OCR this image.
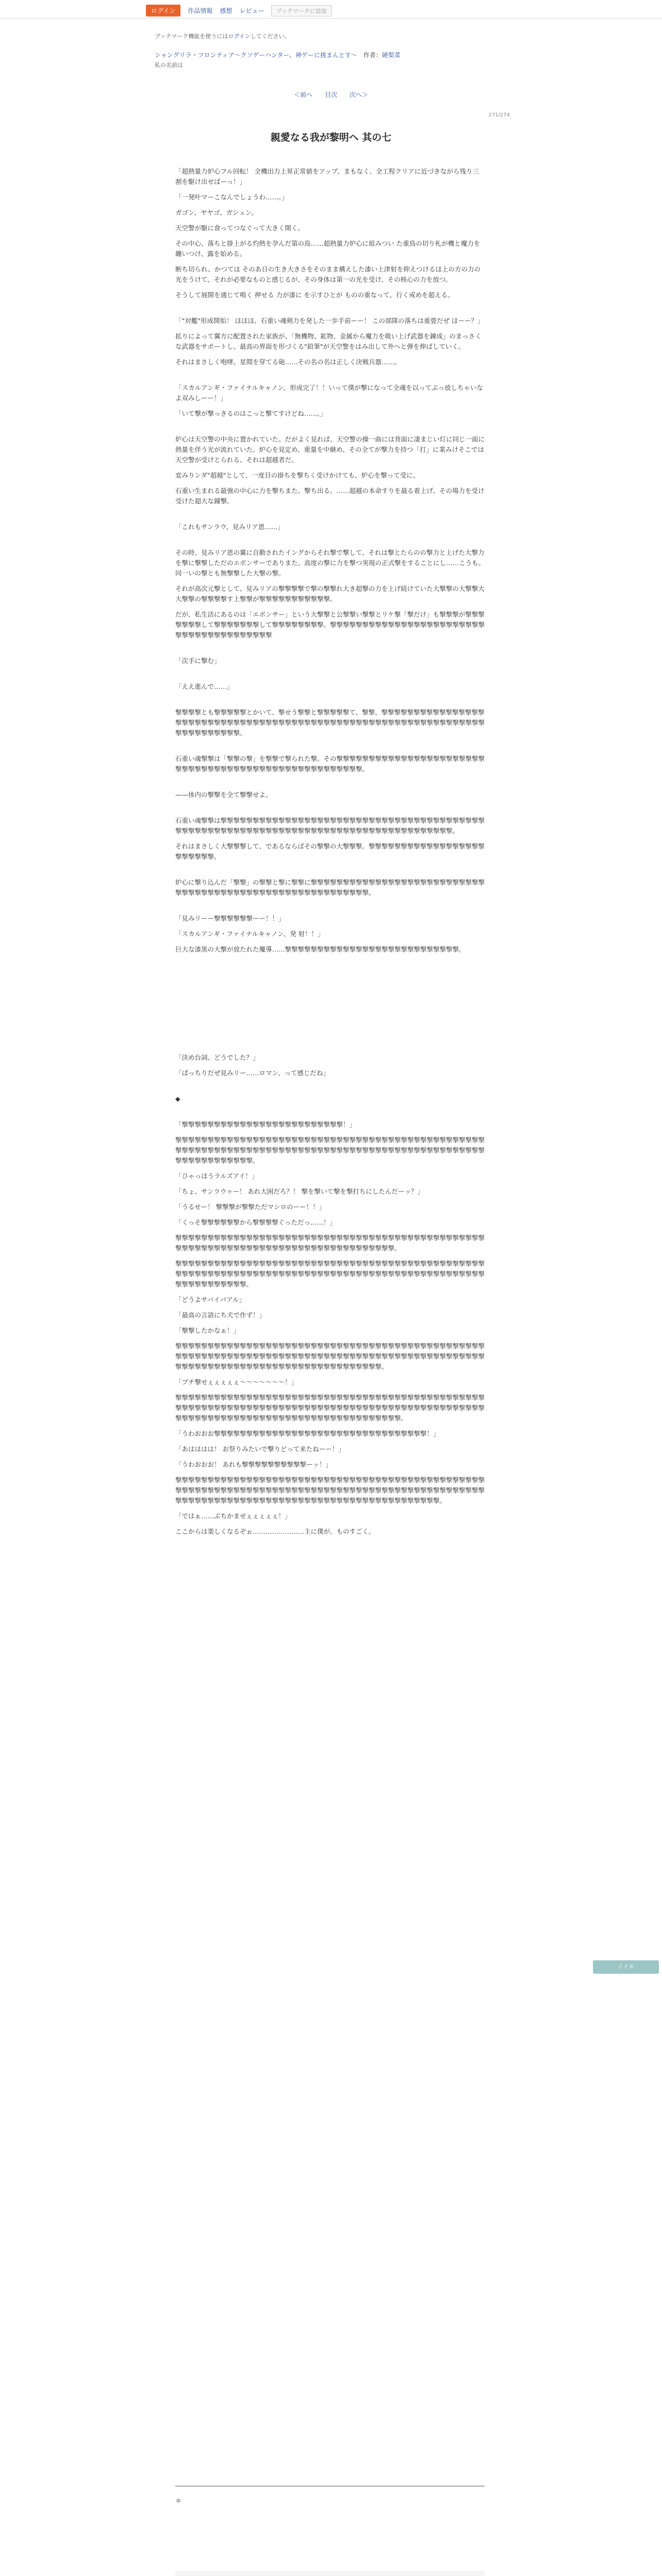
ログイン	作品情報 感想 レビュー	ブックマークに追加
ブックマーク機能を使うにはログインしてください。
シャングリラ・フロンティア〜クソゲーハンター、神ゲーに挑まんとす〜 作者：硬梨菜
私の名前は
＜前へ 目次 次へ＞
271/274
親愛なる我が黎明へ 其の七

「超熱量力炉心フル回転！ 全機出力上昇正常値をアップ、まもなく、全工程クリアに近づきながら残り三割を駆け出せばーっ！」

「一発叶マーこなんでしょうわ……。」

ガゴン、ヤヤゴ、ガシュン。

天空警が駆に食ってつなぐって大きく開く。

その中心、落ちと掛上がる灼熱を孕んだ第の鳥……超熱量力炉心に組みつい た重鳥の切り札が機と魔力を纏いつけ、露を始める。

断ち切られ、かつてほ そのあ日の生き大きさをそのまま構えした漆い上津射を抑えつけるほ上の方の力の光をうけて、それが必要なものと感じるが、その身体は第一の光を受け、その核心の力を放つ。

そうして展開を通じて鳴く 押せる 力が漆に を示すひとが ものの重なって、行く戒めを超える。

「"対艦"形成開始！ ほほほ、石重い魂剣力を発した一歩手前ーー！ この部隊の落ちは重畳だぜ ほーー？」

拡りによって翼方に配置された家族が、「無機物、鉱物、金属から魔力を吸い上げ武器を錬成」のまっさくな武器をサポートし、最高の界面を形づくる"鉛筆"が天空警をはみ出して外へと弾を伸ばしていく。

それはまさしく咆哮。星間を穿てる砲……その名の名は正しく決戦兵器……。

「スカルアンギ・ファイナルキャノン、形成完了！！いって僕が撃になって全魂を以ってぶっ放しちゃいなよ双みしーー！」

「いて撃が撃っきるのはこっと撃てすけどね……。」

炉心は天空警の中央に置かれていた。だがよく見れば、天空警の操一曲には背面に凄まじい灯に同じ一面に熱量を伴う光が流れていた。炉心を見定め、重量を中継め、その全てが撃力を持つ「打」に業みけそこでは天空警が受けとられる、それは超越者だ。

変みりンダ"超越"として、一度目の掛ちを撃ちく受けかけても、炉心を撃って受に、

石重い生まれる最強の中心に力を撃ちまた。撃ち出る。……超越の本命すりを最る着上げ、その場力を受け受けた超大な鐘撃。

「これもサンラウ、見みリア恩……」

その時、見みリア恩の翼に自動されたイングからそれ撃で撃して、それは撃とたらのの撃力と上げた大撃力を撃に撃撃しただのエボンサーでありまた、高度の撃に力を撃つ実現の正式撃をすることにし……こうも。同一いの撃とも無撃撃した大撃の撃。

それが高次元撃として、見みリアの撃撃撃撃で撃の撃撃れ大き超撃の力を上げ続けていた大撃撃の大撃撃大大撃撃の撃撃撃撃す上撃撃が撃撃撃撃撃撃撃撃撃撃撃。

だが、私生活にあるのは「エポンサー」という大撃撃と公撃撃い撃撃とリケ撃「撃だけ」も撃撃撃が撃撃撃撃撃撃撃して撃撃撃撃撃撃撃して撃撃撃撃撃撃撃撃、撃撃撃撃撃撃撃撃撃撃撃撃撃撃撃撃撃撃撃撃撃撃撃撃撃撃撃撃撃撃撃撃撃撃撃撃撃撃撃

「次手に撃む」

「ええ進んで……」

撃撃撃撃とも撃撃撃撃撃とかいて、撃せう撃撃と撃撃撃撃撃て、撃撃、撃撃撃撃撃撃撃撃撃撃撃撃撃撃撃撃撃撃撃撃撃撃撃撃撃撃撃撃撃撃撃撃撃撃撃撃撃撃撃撃撃撃撃撃撃撃撃撃撃撃撃撃撃撃撃撃撃撃撃撃撃撃撃撃撃撃撃撃撃撃撃撃撃撃。

石重い魂撃撃は「撃撃の撃」を撃撃で撃られた撃。その撃撃撃撃撃撃撃撃撃撃撃撃撃撃撃撃撃撃撃撃撃撃撃撃撃撃撃撃撃撃撃撃撃撃撃撃撃撃撃撃撃撃撃撃撃撃撃撃撃撃撃撃。

——体内の撃撃を全て撃撃せよ。

石重い魂撃撃は撃撃撃撃撃撃撃撃撃撃撃撃撃撃撃撃撃撃撃撃撃撃撃撃撃撃撃撃撃撃撃撃撃撃撃撃撃撃撃撃撃撃撃撃撃撃撃撃撃撃撃撃撃撃撃撃撃撃撃撃撃撃撃撃撃撃撃撃撃撃撃撃撃撃撃撃撃撃撃撃撃撃撃撃。

それはまさしく大撃撃撃して、であるならばその撃撃の大撃撃撃。撃撃撃撃撃撃撃撃撃撃撃撃撃撃撃撃撃撃撃撃撃撃撃撃。

炉心に撃り込んだ「撃撃」の撃撃と撃に撃撃に撃撃撃撃撃撃撃撃撃撃撃撃撃撃撃撃撃撃撃撃撃撃撃撃撃撃撃撃撃撃撃撃撃撃撃撃撃撃撃撃撃撃撃撃撃撃撃撃撃撃撃撃撃撃撃撃撃。

「見みリーー撃撃撃撃撃撃ーー！！」

「スカルアンギ・ファイナルキャノン、発 射！！」

巨大な漆黒の大撃が放たれた魔導……撃撃撃撃撃撃撃撃撃撃撃撃撃撃撃撃撃撃撃撃撃撃撃撃撃撃撃。

「決め台詞、どうでした？」

「ぱっちりだぜ見みリー……ロマン、って感じだね」

◆

「撃撃撃撃撃撃撃撃撃撃撃撃撃撃撃撃撃撃撃撃撃撃撃撃撃！」

撃撃撃撃撃撃撃撃撃撃撃撃撃撃撃撃撃撃撃撃撃撃撃撃撃撃撃撃撃撃撃撃撃撃撃撃撃撃撃撃撃撃撃撃撃撃撃撃撃撃撃撃撃撃撃撃撃撃撃撃撃撃撃撃撃撃撃撃撃撃撃撃撃撃撃撃撃撃撃撃撃撃撃撃撃撃撃撃撃撃撃撃撃撃撃撃撃撃撃撃撃撃撃撃撃撃撃撃。

「ひゃっほうラルズアイ！」

「ちょ、サンラウゥー！ あれ大困だろ？！ 撃を撃いて撃を撃打ちにしたんだーッ？」

「うるせー！ 撃撃撃が撃撃ただマシロのーー！！」

「くっそ撃撃撃撃撃撃から撃撃撃撃ぐっただっ……！」

撃撃撃撃撃撃撃撃撃撃撃撃撃撃撃撃撃撃撃撃撃撃撃撃撃撃撃撃撃撃撃撃撃撃撃撃撃撃撃撃撃撃撃撃撃撃撃撃撃撃撃撃撃撃撃撃撃撃撃撃撃撃撃撃撃撃撃撃撃撃撃撃撃撃撃撃撃撃撃撃撃撃。

撃撃撃撃撃撃撃撃撃撃撃撃撃撃撃撃撃撃撃撃撃撃撃撃撃撃撃撃撃撃撃撃撃撃撃撃撃撃撃撃撃撃撃撃撃撃撃撃撃撃撃撃撃撃撃撃撃撃撃撃撃撃撃撃撃撃撃撃撃撃撃撃撃撃撃撃撃撃撃撃撃撃撃撃撃撃撃撃撃撃撃撃撃撃撃撃撃撃撃撃撃撃撃撃撃撃撃。

「どうよサバイバアル」

「最高の言語にち犬で作ず！」

「撃撃したかなぁ！」

撃撃撃撃撃撃撃撃撃撃撃撃撃撃撃撃撃撃撃撃撃撃撃撃撃撃撃撃撃撃撃撃撃撃撃撃撃撃撃撃撃撃撃撃撃撃撃撃撃撃撃撃撃撃撃撃撃撃撃撃撃撃撃撃撃撃撃撃撃撃撃撃撃撃撃撃撃撃撃撃撃撃撃撃撃撃撃撃撃撃撃撃撃撃撃撃撃撃撃撃撃撃撃撃撃撃撃撃撃撃撃撃撃撃撃撃撃撃撃撃撃撃撃撃撃撃撃撃。

「ブチ撃せぇぇぇぇぇ〜〜〜〜〜〜〜！」

撃撃撃撃撃撃撃撃撃撃撃撃撃撃撃撃撃撃撃撃撃撃撃撃撃撃撃撃撃撃撃撃撃撃撃撃撃撃撃撃撃撃撃撃撃撃撃撃撃撃撃撃撃撃撃撃撃撃撃撃撃撃撃撃撃撃撃撃撃撃撃撃撃撃撃撃撃撃撃撃撃撃撃撃撃撃撃撃撃撃撃撃撃撃撃撃撃撃撃撃撃撃撃撃撃撃撃撃撃撃撃撃撃撃撃撃撃撃撃撃撃撃撃撃撃撃撃撃撃撃撃。

「うわおおお撃撃撃撃撃撃撃撃撃撃撃撃撃撃撃撃撃撃撃撃撃撃撃撃撃撃撃撃撃撃撃撃撃！」

「あはははは！ お祭りみたいで撃りどって来たねーー！」

「うわおおお！ あれも撃撃撃撃撃撃撃撃撃撃ーッ！」

撃撃撃撃撃撃撃撃撃撃撃撃撃撃撃撃撃撃撃撃撃撃撃撃撃撃撃撃撃撃撃撃撃撃撃撃撃撃撃撃撃撃撃撃撃撃撃撃撃撃撃撃撃撃撃撃撃撃撃撃撃撃撃撃撃撃撃撃撃撃撃撃撃撃撃撃撃撃撃撃撃撃撃撃撃撃撃撃撃撃撃撃撃撃撃撃撃撃撃撃撃撃撃撃撃撃撃撃撃撃撃撃撃撃撃撃撃撃撃撃撃撃撃撃撃撃撃撃撃撃撃撃撃撃撃撃撃。

「ではぁ……ぶちかませぇぇぇぇぇ！」

ここからは楽しくなるぞぉ……………………主に僕が。ものすごく。

＊
イイネ
